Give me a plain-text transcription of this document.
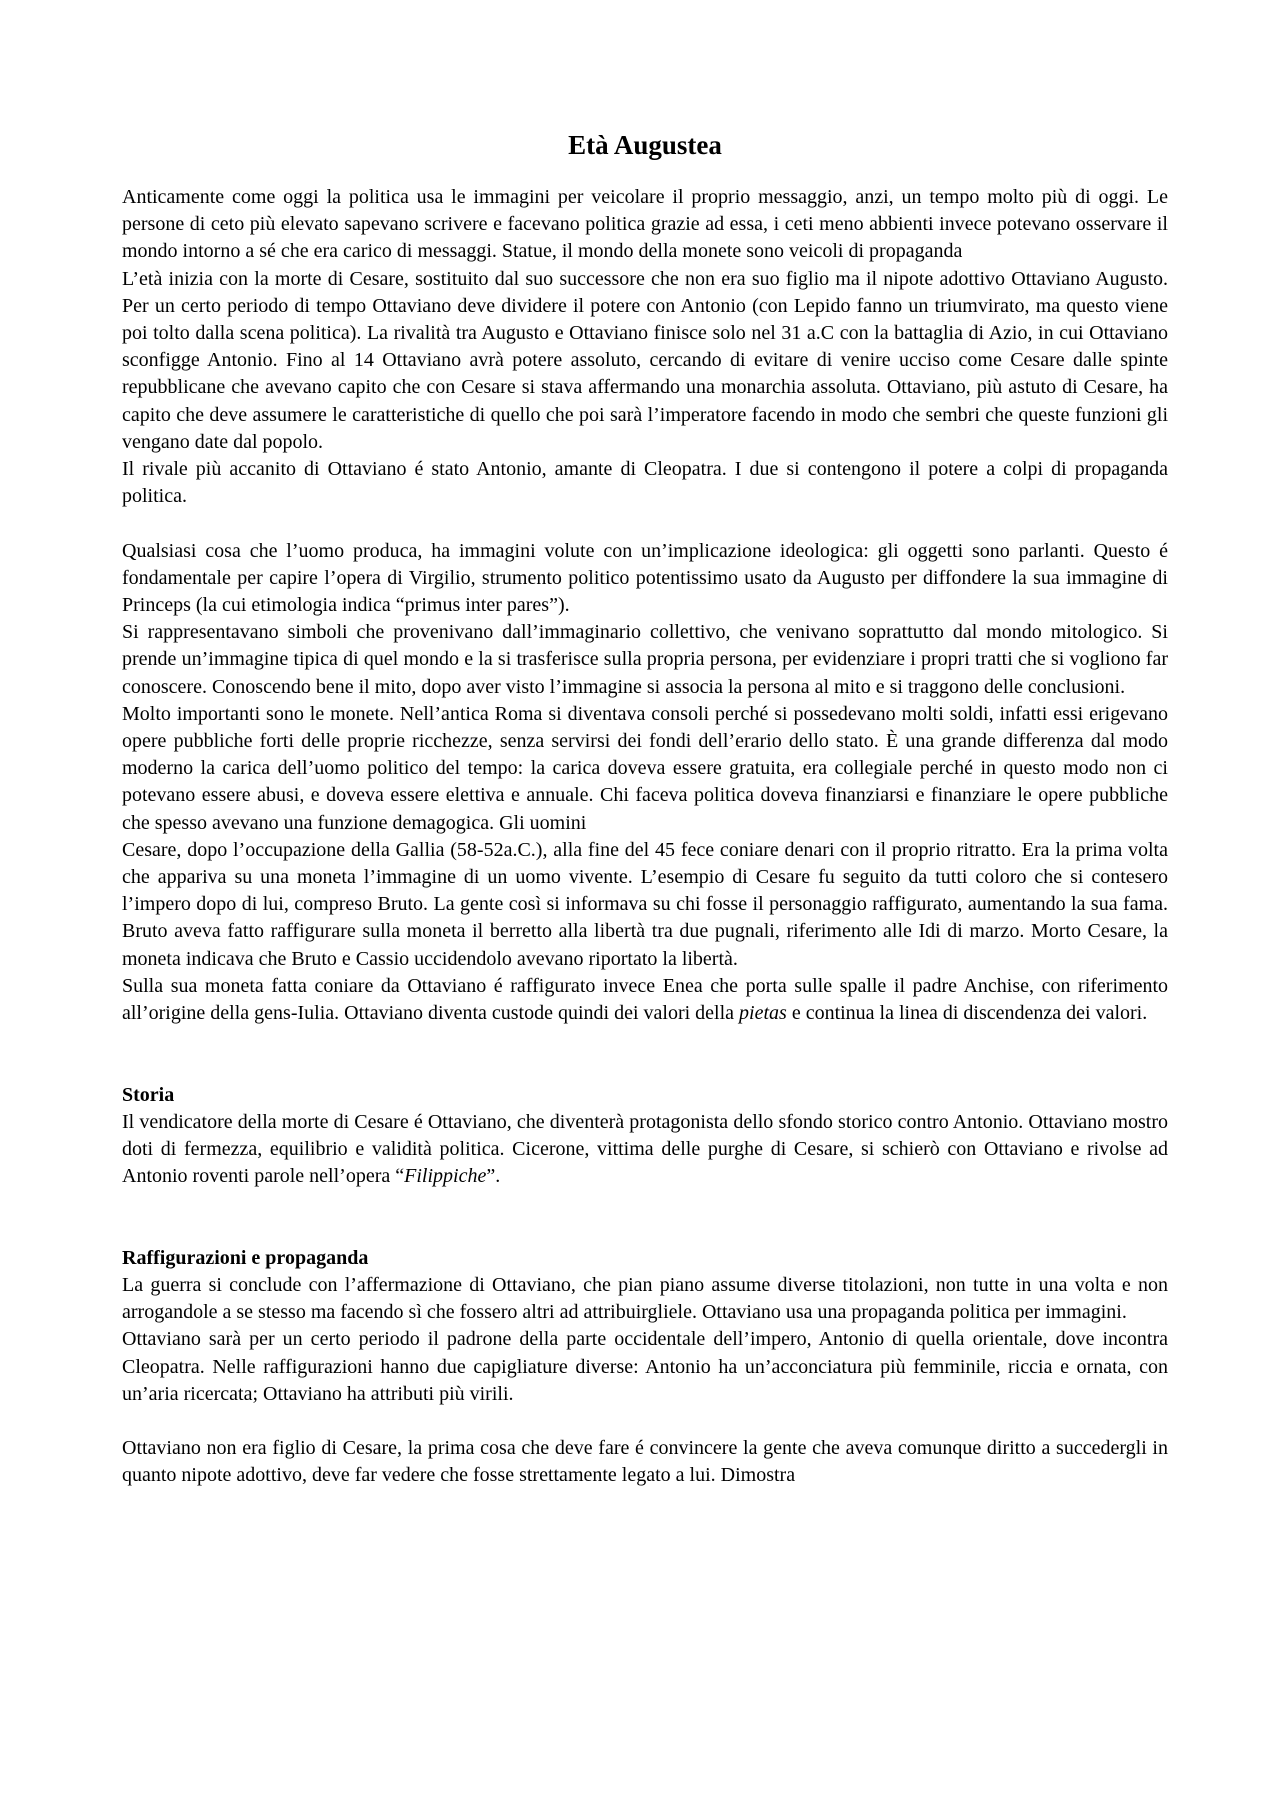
Età Augustea

Anticamente come oggi la politica usa le immagini per veicolare il proprio messaggio, anzi, un tempo molto più di oggi. Le persone di ceto più elevato sapevano scrivere e facevano politica grazie ad essa, i ceti meno abbienti invece potevano osservare il mondo intorno a sé che era carico di messaggi. Statue, il mondo della monete sono veicoli di propaganda

L’età inizia con la morte di Cesare, sostituito dal suo successore che non era suo figlio ma il nipote adottivo Ottaviano Augusto. Per un certo periodo di tempo Ottaviano deve dividere il potere con Antonio (con Lepido fanno un triumvirato, ma questo viene poi tolto dalla scena politica). La rivalità tra Augusto e Ottaviano finisce solo nel 31 a.C con la battaglia di Azio, in cui Ottaviano sconfigge Antonio. Fino al 14 Ottaviano avrà potere assoluto, cercando di evitare di venire ucciso come Cesare dalle spinte repubblicane che avevano capito che con Cesare si stava affermando una monarchia assoluta. Ottaviano, più astuto di Cesare, ha capito che deve assumere le caratteristiche di quello che poi sarà l’imperatore facendo in modo che sembri che queste funzioni gli vengano date dal popolo.

Il rivale più accanito di Ottaviano é stato Antonio, amante di Cleopatra. I due si contengono il potere a colpi di propaganda politica.

Qualsiasi cosa che l’uomo produca, ha immagini volute con un’implicazione ideologica: gli oggetti sono parlanti. Questo é fondamentale per capire l’opera di Virgilio, strumento politico potentissimo usato da Augusto per diffondere la sua immagine di Princeps (la cui etimologia indica “primus inter pares”).

Si rappresentavano simboli che provenivano dall’immaginario collettivo, che venivano soprattutto dal mondo mitologico. Si prende un’immagine tipica di quel mondo e la si trasferisce sulla propria persona, per evidenziare i propri tratti che si vogliono far conoscere. Conoscendo bene il mito, dopo aver visto l’immagine si associa la persona al mito e si traggono delle conclusioni.

Molto importanti sono le monete. Nell’antica Roma si diventava consoli perché si possedevano molti soldi, infatti essi erigevano opere pubbliche forti delle proprie ricchezze, senza servirsi dei fondi dell’erario dello stato. È una grande differenza dal modo moderno la carica dell’uomo politico del tempo: la carica doveva essere gratuita, era collegiale perché in questo modo non ci potevano essere abusi, e doveva essere elettiva e annuale. Chi faceva politica doveva finanziarsi e finanziare le opere pubbliche che spesso avevano una funzione demagogica. Gli uomini

Cesare, dopo l’occupazione della Gallia (58-52a.C.), alla fine del 45 fece coniare denari con il proprio ritratto. Era la prima volta che appariva su una moneta l’immagine di un uomo vivente. L’esempio di Cesare fu seguito da tutti coloro che si contesero l’impero dopo di lui, compreso Bruto. La gente così si informava su chi fosse il personaggio raffigurato, aumentando la sua fama. Bruto aveva fatto raffigurare sulla moneta il berretto alla libertà tra due pugnali, riferimento alle Idi di marzo. Morto Cesare, la moneta indicava che Bruto e Cassio uccidendolo avevano riportato la libertà.

Sulla sua moneta fatta coniare da Ottaviano é raffigurato invece Enea che porta sulle spalle il padre Anchise, con riferimento all’origine della gens-Iulia. Ottaviano diventa custode quindi dei valori della pietas e continua la linea di discendenza dei valori.

Storia

Il vendicatore della morte di Cesare é Ottaviano, che diventerà protagonista dello sfondo storico contro Antonio. Ottaviano mostro doti di fermezza, equilibrio e validità politica. Cicerone, vittima delle purghe di Cesare, si schierò con Ottaviano e rivolse ad Antonio roventi parole nell’opera “Filippiche”.

Raffigurazioni e propaganda

La guerra si conclude con l’affermazione di Ottaviano, che pian piano assume diverse titolazioni, non tutte in una volta e non arrogandole a se stesso ma facendo sì che fossero altri ad attribuirgliele. Ottaviano usa una propaganda politica per immagini.

Ottaviano sarà per un certo periodo il padrone della parte occidentale dell’impero, Antonio di quella orientale, dove incontra Cleopatra. Nelle raffigurazioni hanno due capigliature diverse: Antonio ha un’acconciatura più femminile, riccia e ornata, con un’aria ricercata; Ottaviano ha attributi più virili.

Ottaviano non era figlio di Cesare, la prima cosa che deve fare é convincere la gente che aveva comunque diritto a succedergli in quanto nipote adottivo, deve far vedere che fosse strettamente legato a lui. Dimostra
